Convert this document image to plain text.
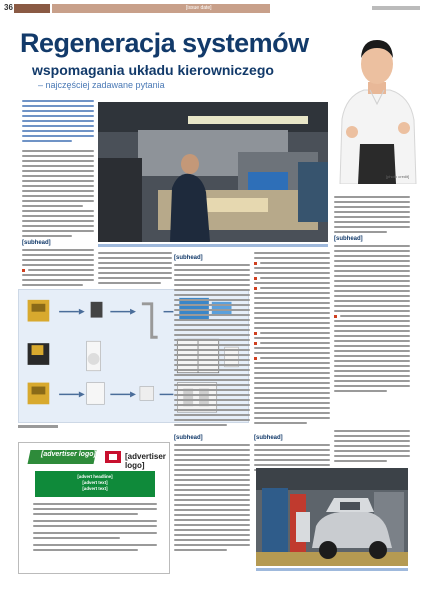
36	[issue date]
Regeneracja systemów
wspomagania układu kierowniczego
– najczęściej zadawane pytania
[photo credit]
[subhead]
[subhead]
[subhead]
[advertiser logo]	[advertiser logo]
[advert headline]
[advert text]
[advert text]
[subhead]	[subhead]
